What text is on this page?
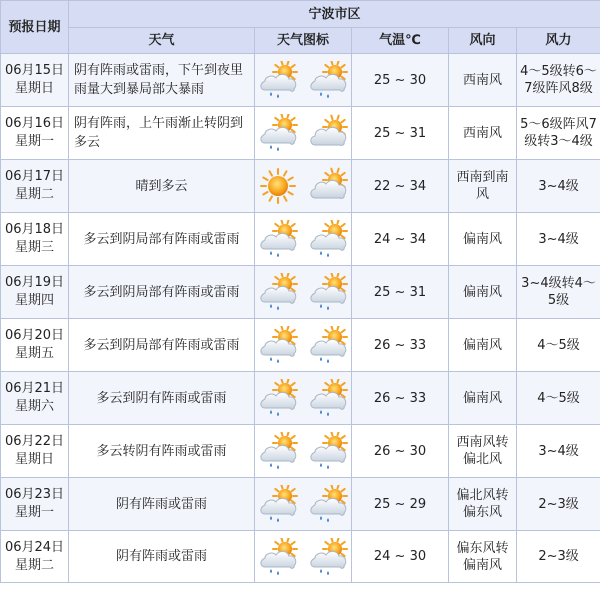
预报日期	宁波市区				
	天气	天气图标	气温℃	风向	风力
06月15日
星期日	阴有阵雨或雷雨，下午到夜里雨量大到暴局部大暴雨		25 ~ 30	西南风	4～5级转6～7级阵风8级
06月16日
星期一	阴有阵雨，上午雨渐止转阴到多云		25 ~ 31	西南风	5～6级阵风7级转3～4级
06月17日
星期二	晴到多云		22 ~ 34	西南到南风	3~4级
06月18日
星期三	多云到阴局部有阵雨或雷雨		24 ~ 34	偏南风	3~4级
06月19日
星期四	多云到阴局部有阵雨或雷雨		25 ~ 31	偏南风	3~4级转4～5级
06月20日
星期五	多云到阴局部有阵雨或雷雨		26 ~ 33	偏南风	4～5级
06月21日
星期六	多云到阴有阵雨或雷雨		26 ~ 33	偏南风	4～5级
06月22日
星期日	多云转阴有阵雨或雷雨		26 ~ 30	西南风转偏北风	3~4级
06月23日
星期一	阴有阵雨或雷雨		25 ~ 29	偏北风转偏东风	2~3级
06月24日
星期二	阴有阵雨或雷雨		24 ~ 30	偏东风转偏南风	2~3级
